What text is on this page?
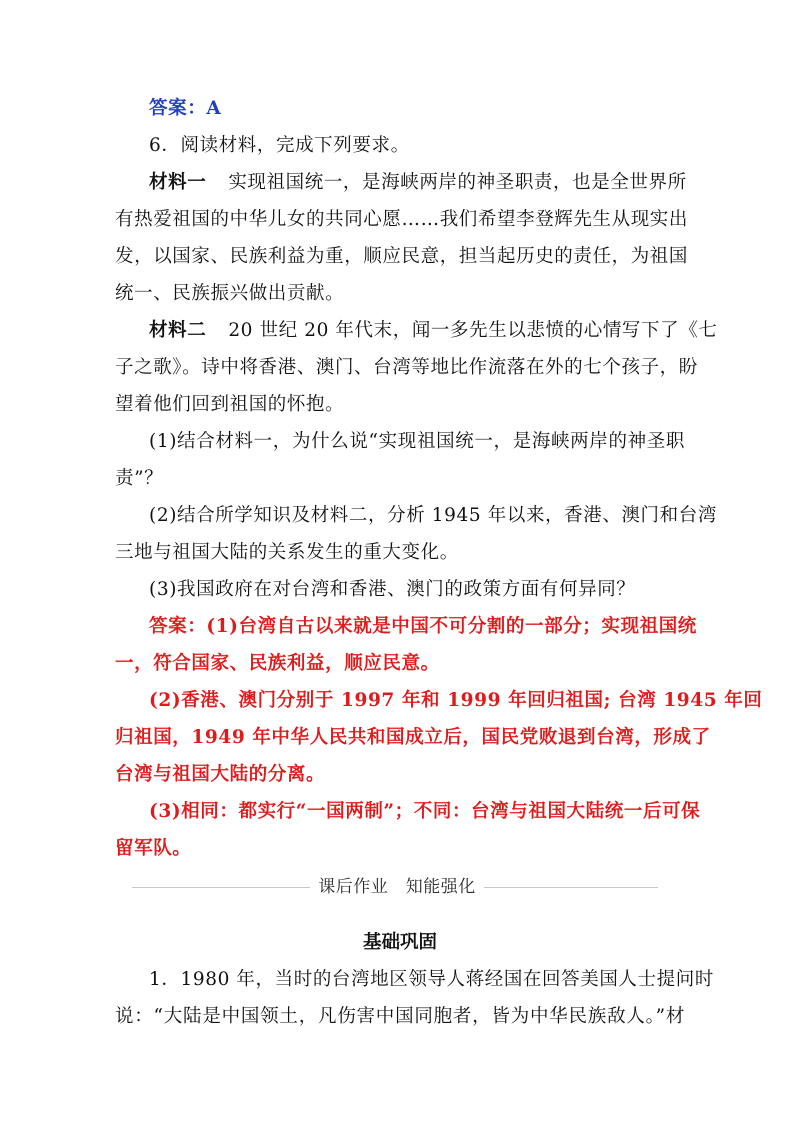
答案：A
6．阅读材料，完成下列要求。
材料一 实现祖国统一，是海峡两岸的神圣职责，也是全世界所
有热爱祖国的中华儿女的共同心愿……我们希望李登辉先生从现实出
发，以国家、民族利益为重，顺应民意，担当起历史的责任，为祖国
统一、民族振兴做出贡献。
材料二 20 世纪 20 年代末，闻一多先生以悲愤的心情写下了《七
子之歌》。诗中将香港、澳门、台湾等地比作流落在外的七个孩子，盼
望着他们回到祖国的怀抱。
(1)结合材料一，为什么说“实现祖国统一，是海峡两岸的神圣职
责”？
(2)结合所学知识及材料二，分析 1945 年以来，香港、澳门和台湾
三地与祖国大陆的关系发生的重大变化。
(3)我国政府在对台湾和香港、澳门的政策方面有何异同？
答案：(1)台湾自古以来就是中国不可分割的一部分；实现祖国统
一，符合国家、民族利益，顺应民意。
(2)香港、澳门分别于 1997 年和 1999 年回归祖国; 台湾 1945 年回
归祖国，1949 年中华人民共和国成立后，国民党败退到台湾，形成了
台湾与祖国大陆的分离。
(3)相同：都实行“一国两制”；不同：台湾与祖国大陆统一后可保
留军队。
课后作业　知能强化
基础巩固
1．1980 年，当时的台湾地区领导人蒋经国在回答美国人士提问时
说：“大陆是中国领土，凡伤害中国同胞者，皆为中华民族敌人。”材
